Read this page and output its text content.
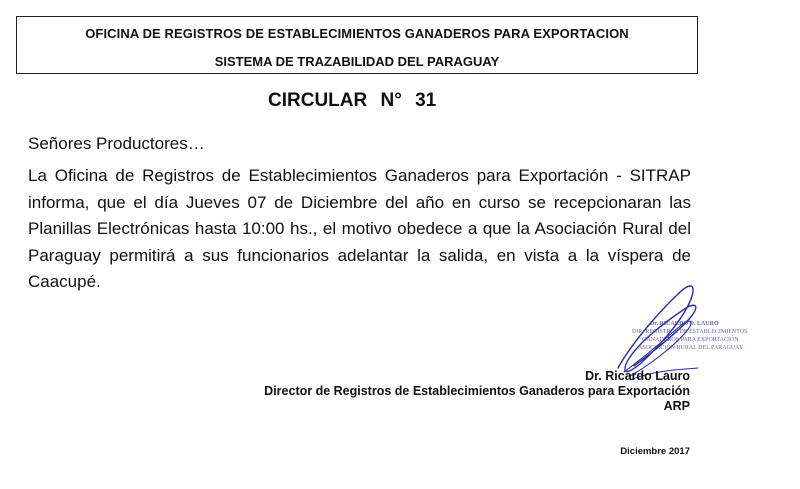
OFICINA DE REGISTROS DE ESTABLECIMIENTOS GANADEROS PARA EXPORTACION
SISTEMA DE TRAZABILIDAD DEL PARAGUAY
CIRCULAR N° 31
Señores Productores…
La Oficina de Registros de Establecimientos Ganaderos para Exportación - SITRAP informa, que el día Jueves 07 de Diciembre del año en curso se recepcionaran las Planillas Electrónicas hasta 10:00 hs., el motivo obedece a que la Asociación Rural del Paraguay permitirá a sus funcionarios adelantar la salida, en vista a la víspera de Caacupé.
Dr. RICARDO D. LAURO
DIR. REGISTROS DE ESTABLECIMIENTOS
GANADEROS PARA EXPORTACIÓN
ASOCIACIÓN RURAL DEL PARAGUAY
Dr. Ricardo Lauro
Director de Registros de Establecimientos Ganaderos para Exportación
ARP
Diciembre 2017
